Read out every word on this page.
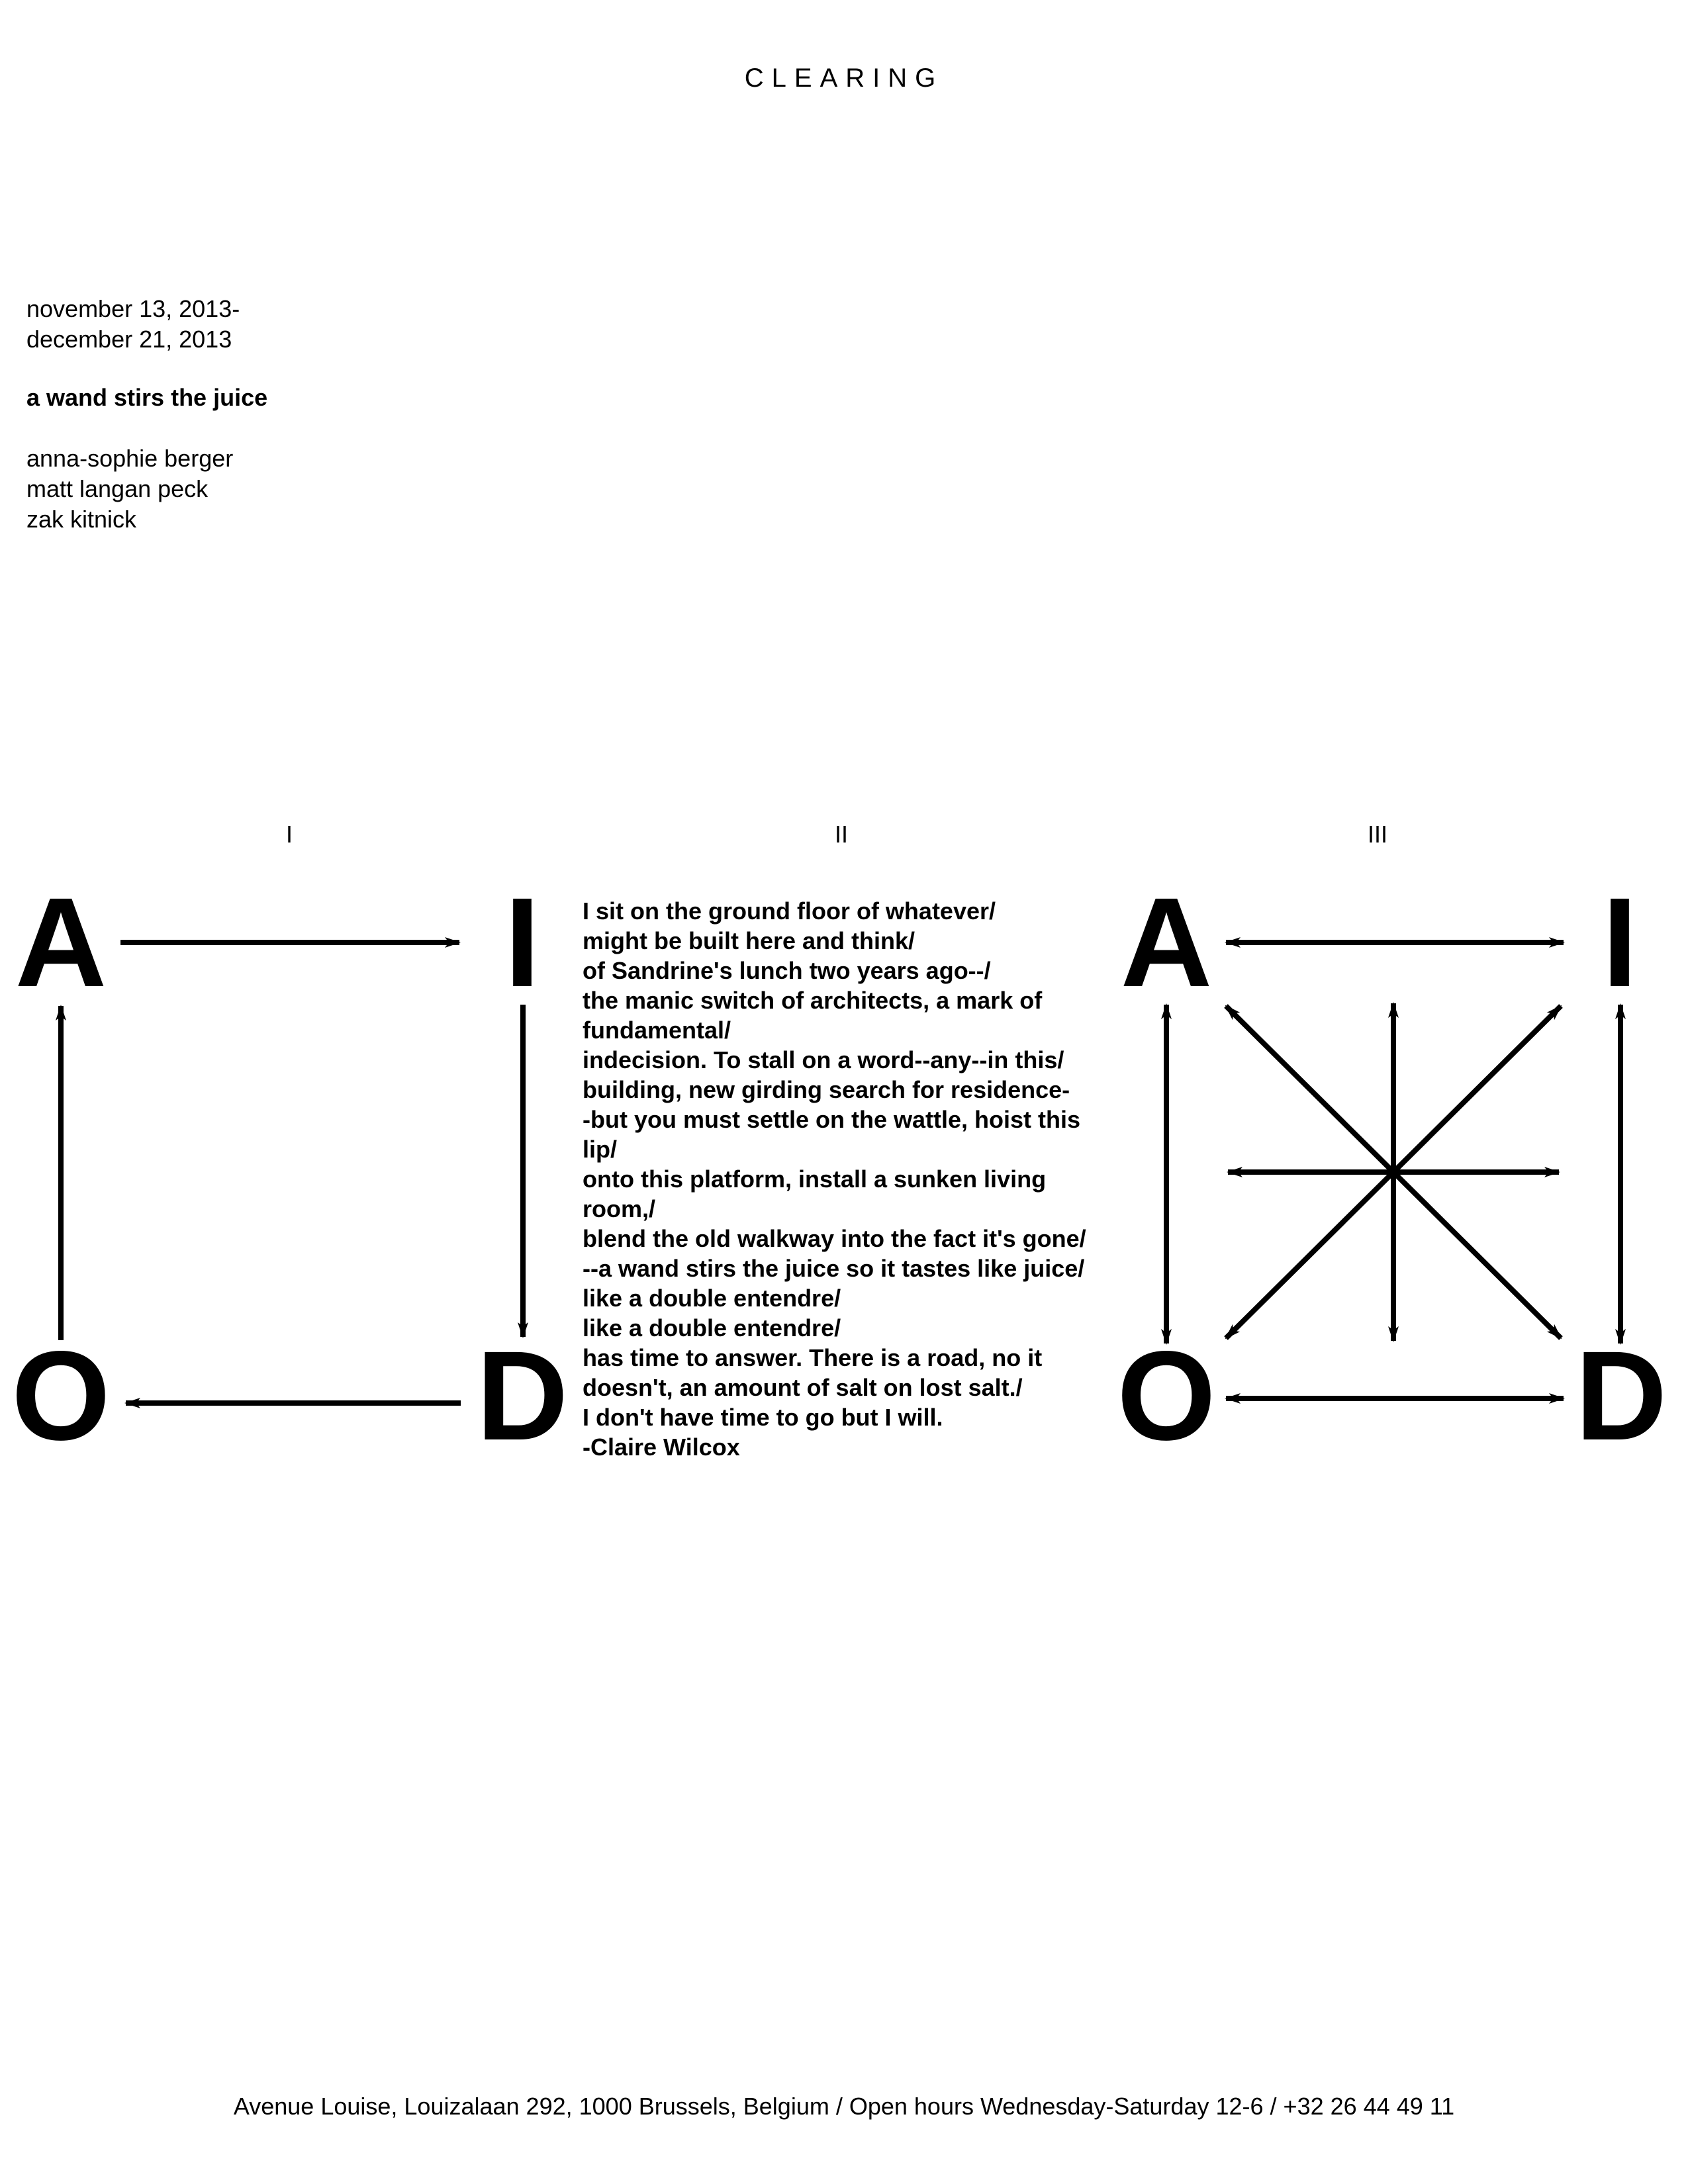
CLEARING
november 13, 2013-
december 21, 2013
a wand stirs the juice
anna-sophie berger
matt langan peck
zak kitnick
I	II	III
A	I
O	D
I sit on the ground floor of whatever/
might be built here and think/
of Sandrine's lunch two years ago--/
the manic switch of architects, a mark of
fundamental/
indecision. To stall on a word--any--in this/
building, new girding search for residence-
-but you must settle on the wattle, hoist this
lip/
onto this platform, install a sunken living
room,/
blend the old walkway into the fact it's gone/
--a wand stirs the juice so it tastes like juice/
like a double entendre/
like a double entendre/
has time to answer. There is a road, no it
doesn't, an amount of salt on lost salt./
I don't have time to go but I will.
-Claire Wilcox
A	I
O	D
Avenue Louise, Louizalaan 292, 1000 Brussels, Belgium / Open hours Wednesday-Saturday 12-6 / +32 26 44 49 11
